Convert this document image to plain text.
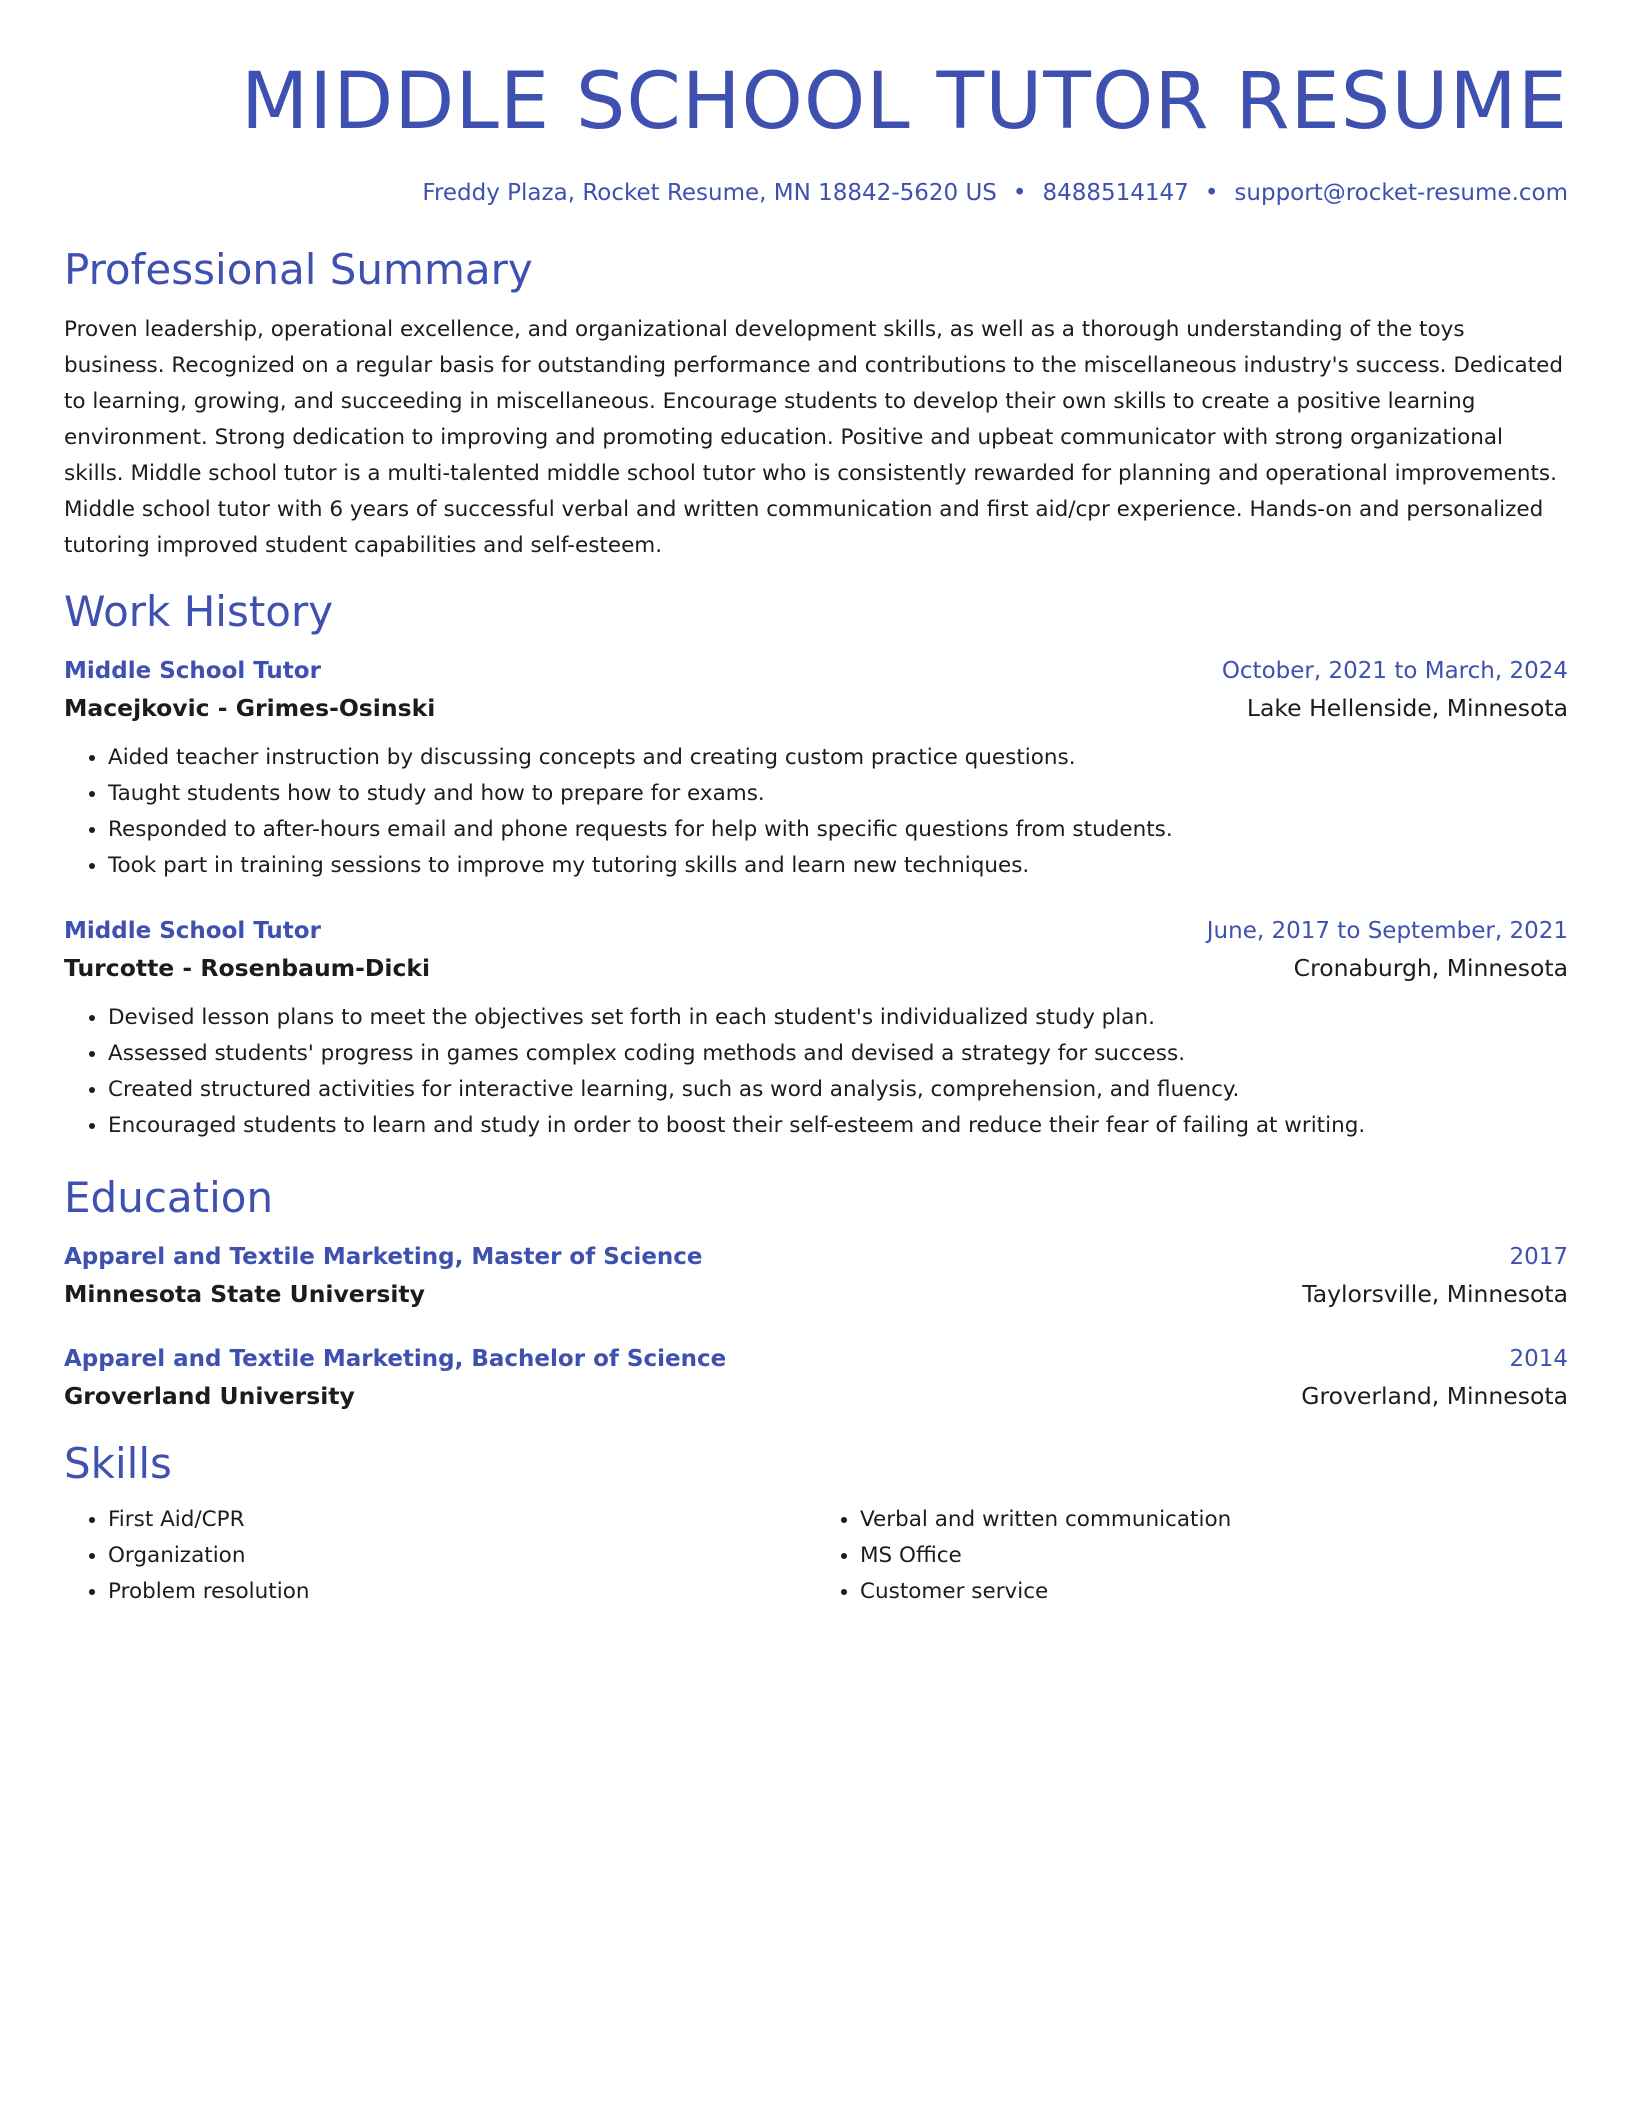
MIDDLE SCHOOL TUTOR RESUME
Freddy Plaza, Rocket Resume, MN 18842-5620 US • 8488514147 • support@rocket-resume.com
Professional Summary

Proven leadership, operational excellence, and organizational development skills, as well as a thorough understanding of the toys business. Recognized on a regular basis for outstanding performance and contributions to the miscellaneous industry's success. Dedicated to learning, growing, and succeeding in miscellaneous. Encourage students to develop their own skills to create a positive learning environment. Strong dedication to improving and promoting education. Positive and upbeat communicator with strong organizational skills. Middle school tutor is a multi-talented middle school tutor who is consistently rewarded for planning and operational improvements. Middle school tutor with 6 years of successful verbal and written communication and first aid/cpr experience. Hands-on and personalized tutoring improved student capabilities and self-esteem.

Work History
Middle School Tutor	October, 2021 to March, 2024
Macejkovic - Grimes-Osinski	Lake Hellenside, Minnesota
• Aided teacher instruction by discussing concepts and creating custom practice questions.
• Taught students how to study and how to prepare for exams.
• Responded to after-hours email and phone requests for help with specific questions from students.
• Took part in training sessions to improve my tutoring skills and learn new techniques.
Middle School Tutor	June, 2017 to September, 2021
Turcotte - Rosenbaum-Dicki	Cronaburgh, Minnesota
• Devised lesson plans to meet the objectives set forth in each student's individualized study plan.
• Assessed students' progress in games complex coding methods and devised a strategy for success.
• Created structured activities for interactive learning, such as word analysis, comprehension, and fluency.
• Encouraged students to learn and study in order to boost their self-esteem and reduce their fear of failing at writing.
Education
Apparel and Textile Marketing, Master of Science	2017
Minnesota State University	Taylorsville, Minnesota
Apparel and Textile Marketing, Bachelor of Science	2014
Groverland University	Groverland, Minnesota
Skills
• First Aid/CPR
• Organization
• Problem resolution
• Verbal and written communication
• MS Office
• Customer service
